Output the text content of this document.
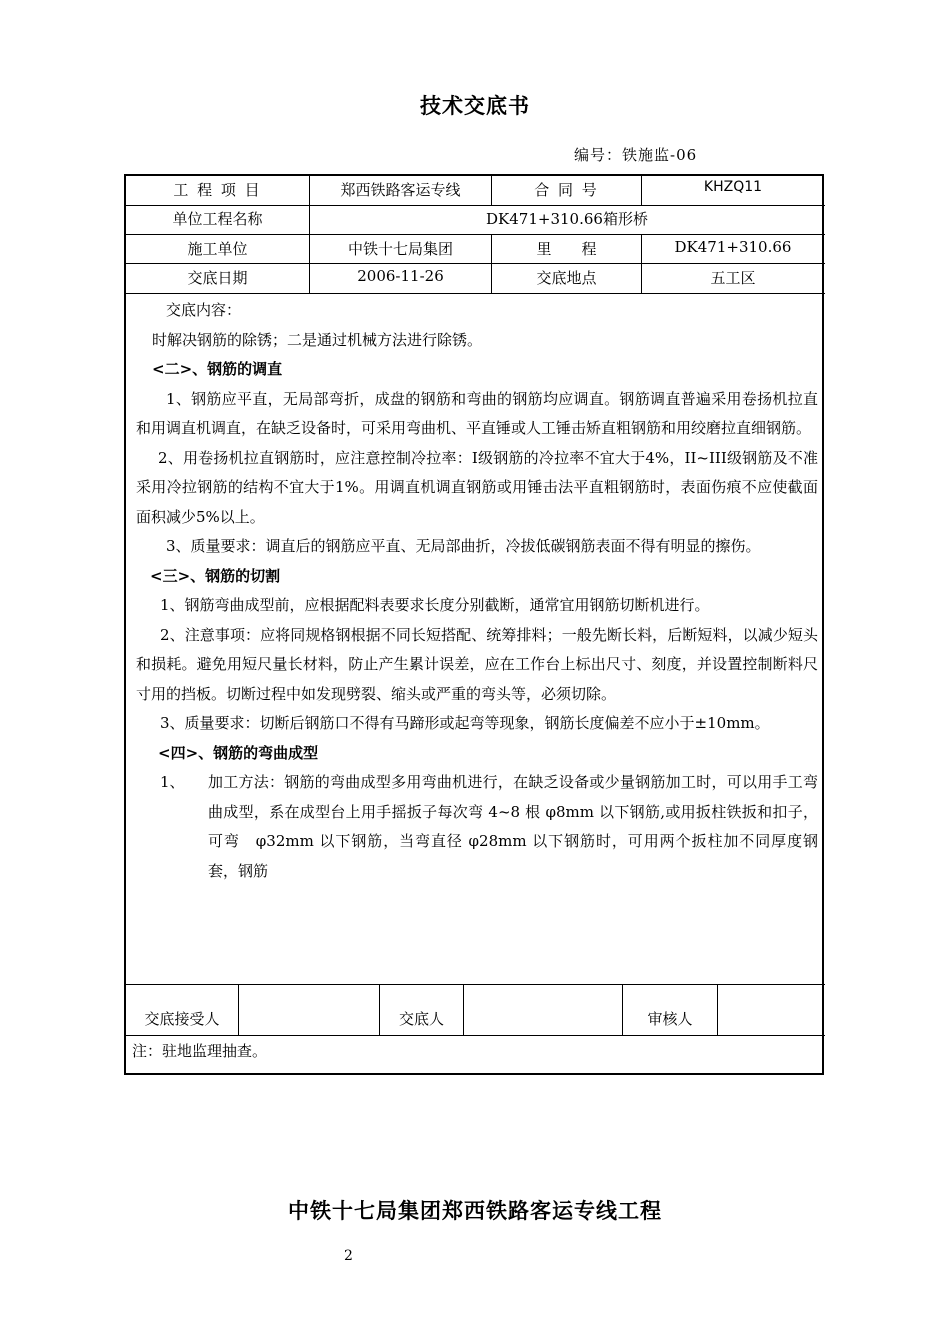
技术交底书
编号：铁施监-06
工 程 项 目	郑西铁路客运专线	合 同 号	KHZQ11
单位工程名称	DK471+310.66箱形桥
施工单位	中铁十七局集团	里　　程	DK471+310.66
交底日期	2006-11-26	交底地点	五工区

交底内容：

时解决钢筋的除锈；二是通过机械方法进行除锈。

<二>、钢筋的调直

1、钢筋应平直，无局部弯折，成盘的钢筋和弯曲的钢筋均应调直。钢筋调直普遍采用卷扬机拉直和用调直机调直，在缺乏设备时，可采用弯曲机、平直锤或人工锤击矫直粗钢筋和用绞磨拉直细钢筋。

2、用卷扬机拉直钢筋时，应注意控制冷拉率：I级钢筋的冷拉率不宜大于4%，II~III级钢筋及不准采用冷拉钢筋的结构不宜大于1%。用调直机调直钢筋或用锤击法平直粗钢筋时，表面伤痕不应使截面面积减少5%以上。

3、质量要求：调直后的钢筋应平直、无局部曲折，冷拔低碳钢筋表面不得有明显的擦伤。

<三>、钢筋的切割

1、钢筋弯曲成型前，应根据配料表要求长度分别截断，通常宜用钢筋切断机进行。

2、注意事项：应将同规格钢根据不同长短搭配、统筹排料；一般先断长料，后断短料，以减少短头和损耗。避免用短尺量长材料，防止产生累计误差，应在工作台上标出尺寸、刻度，并设置控制断料尺寸用的挡板。切断过程中如发现劈裂、缩头或严重的弯头等，必须切除。

3、质量要求：切断后钢筋口不得有马蹄形或起弯等现象，钢筋长度偏差不应小于±10mm。

<四>、钢筋的弯曲成型

1、 加工方法：钢筋的弯曲成型多用弯曲机进行，在缺乏设备或少量钢筋加工时，可以用手工弯曲成型，系在成型台上用手摇扳子每次弯 4~8 根 φ8mm 以下钢筋,或用扳柱铁扳和扣子，可弯　φ32mm 以下钢筋，当弯直径 φ28mm 以下钢筋时，可用两个扳柱加不同厚度钢套，钢筋
交底接受人	交底人	审核人
注：驻地监理抽查。
中铁十七局集团郑西铁路客运专线工程
2
